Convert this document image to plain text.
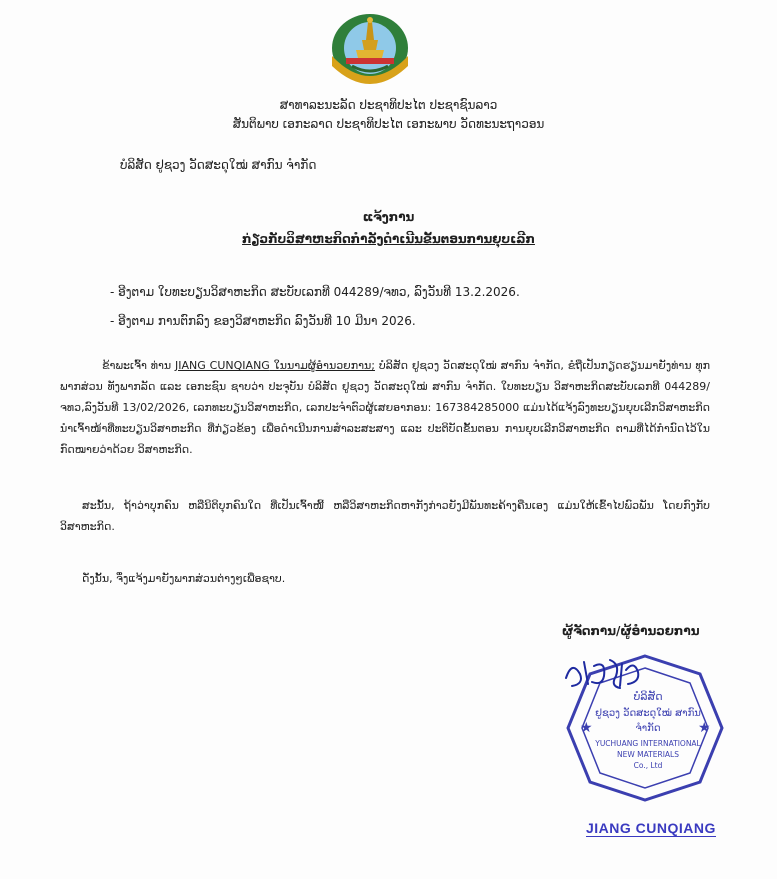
ສາທາລະນະລັດ ປະຊາທິປະໄຕ ປະຊາຊົນລາວ
ສັນຕິພາບ ເອກະລາດ ປະຊາທິປະໄຕ ເອກະພາບ ວັດທະນະຖາວອນ
ບໍລິສັດ ຢູຊວງ ວັດສະດຸໃໝ່ ສາກົນ ຈຳກັດ
ແຈ້ງການ
ກ່ຽວກັບວິສາຫະກິດກຳລັງດຳເນີນຂັ້ນຕອນການຍຸບເລີກ
- ອີງຕາມ ໃບທະບຽນວິສາຫະກິດ ສະບັບເລກທີ 044289/ຈທວ, ລົງວັນທີ 13.2.2026.
- ອີງຕາມ ການຕົກລົງ ຂອງວິສາຫະກິດ ລົງວັນທີ 10 ມີນາ 2026.
ຂ້າພະເຈົ້າ ທ່ານ JIANG CUNQIANG ໃນນາມຜູ້ອຳນວຍການ; ບໍລິສັດ ຢູຊວງ ວັດສະດຸໃໝ່ ສາກົນ ຈຳກັດ, ຂໍຖືເປັນກຽດຮຽນມາຍັງທ່ານ ທຸກພາກສ່ວນ ທັງພາກລັດ ແລະ ເອກະຊົນ ຊາບວ່າ ປະຈຸບັນ ບໍລິສັດ ຢູຊວງ ວັດສະດຸໃໝ່ ສາກົນ ຈຳກັດ. ໃບທະບຽນ ວິສາຫະກິດສະບັບເລກທີ 044289/ຈທວ,ລົງວັນທີ 13/02/2026, ເລກທະບຽນວິສາຫະກິດ, ເລກປະຈຳຕົວຜູ້ເສຍອາກອນ: 167384285000 ແມ່ນໄດ້ແຈ້ງລົງທະບຽນຍຸບເລີກວິສາຫະກິດ ນຳເຈົ້າໜ້າທີ່ທະບຽນວິສາຫະກິດ ທີ່ກ່ຽວຂ້ອງ ເພື່ອດຳເນີນການສຳລະສະສາງ ແລະ ປະຕິບັດຂັ້ນຕອນ ການຍຸບເລີກວິສາຫະກິດ ຕາມທີ່ໄດ້ກຳນົດໄວ້ໃນກົດໝາຍວ່າດ້ວຍ ວິສາຫະກິດ.
ສະນັ້ນ, ຖ້າວ່າບຸກຄົນ ຫລືນິຕິບຸກຄົນໃດ ທີ່ເປັນເຈົ້າໜີ້ ຫລືວິສາຫະກິດຫາກັງກ່າວຍັງມີພັນທະຄ້າງຄືນເອງ ແມ່ນໃຫ້ເຂົ້າໄປພົວພັນ ໂດຍກົງກັບວິສາຫະກິດ.
ດັ່ງນັ້ນ, ຈຶ່ງແຈ້ງມາຍັງພາກສ່ວນຕ່າງໆເພື່ອຊາບ.
ຜູ້ຈັດການ/ຜູ້ອຳນວຍການ
★	★
ບໍລິສັດ
ຢູຊວງ ວັດສະດຸໃໝ່ ສາກົນ
ຈຳກັດ
YUCHUANG INTERNATIONAL
NEW MATERIALS
Co., Ltd
JIANG CUNQIANG
